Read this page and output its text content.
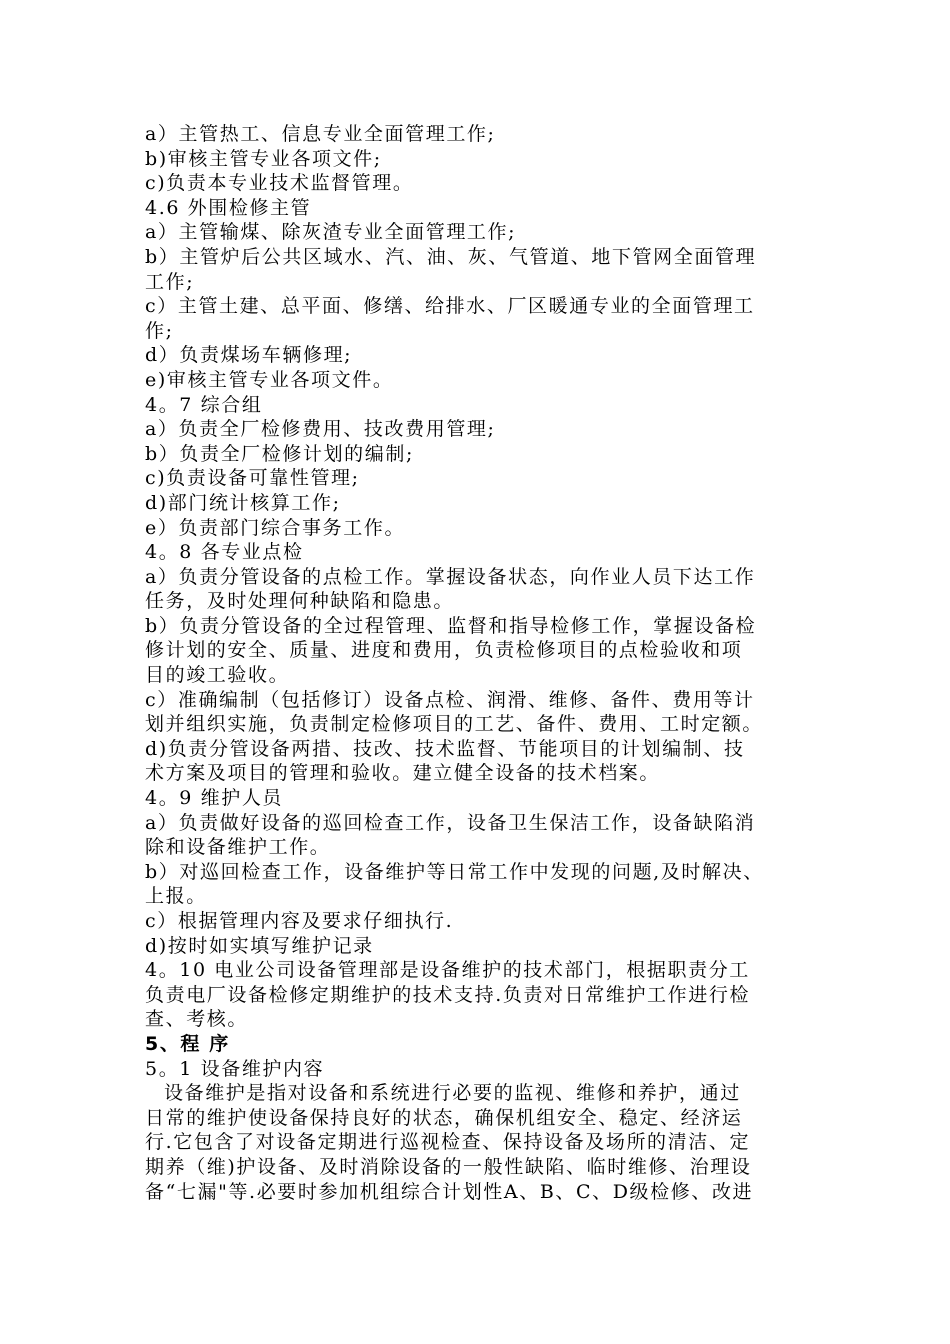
a）主管热工、信息专业全面管理工作;
b)审核主管专业各项文件;
c)负责本专业技术监督管理。
4.6 外围检修主管
a）主管输煤、除灰渣专业全面管理工作;
b）主管炉后公共区域水、汽、油、灰、气管道、地下管网全面管理
工作;
c）主管土建、总平面、修缮、给排水、厂区暖通专业的全面管理工
作;
d）负责煤场车辆修理;
e)审核主管专业各项文件。
4。7 综合组
a）负责全厂检修费用、技改费用管理;
b）负责全厂检修计划的编制;
c)负责设备可靠性管理;
d)部门统计核算工作;
e）负责部门综合事务工作。
4。8 各专业点检
a）负责分管设备的点检工作。掌握设备状态，向作业人员下达工作
任务，及时处理何种缺陷和隐患。
b）负责分管设备的全过程管理、监督和指导检修工作，掌握设备检
修计划的安全、质量、进度和费用，负责检修项目的点检验收和项
目的竣工验收。
c）准确编制（包括修订）设备点检、润滑、维修、备件、费用等计
划并组织实施，负责制定检修项目的工艺、备件、费用、工时定额。
d)负责分管设备两措、技改、技术监督、节能项目的计划编制、技
术方案及项目的管理和验收。建立健全设备的技术档案。
4。9 维护人员
a）负责做好设备的巡回检查工作，设备卫生保洁工作，设备缺陷消
除和设备维护工作。
b）对巡回检查工作，设备维护等日常工作中发现的问题,及时解决、
上报。
c）根据管理内容及要求仔细执行.
d)按时如实填写维护记录
4。10 电业公司设备管理部是设备维护的技术部门，根据职责分工
负责电厂设备检修定期维护的技术支持.负责对日常维护工作进行检
查、考核。
5、程 序
5。1 设备维护内容
设备维护是指对设备和系统进行必要的监视、维修和养护，通过
日常的维护使设备保持良好的状态，确保机组安全、稳定、经济运
行.它包含了对设备定期进行巡视检查、保持设备及场所的清洁、定
期养（维)护设备、及时消除设备的一般性缺陷、临时维修、治理设
备“七漏"等.必要时参加机组综合计划性A、B、C、D级检修、改进
